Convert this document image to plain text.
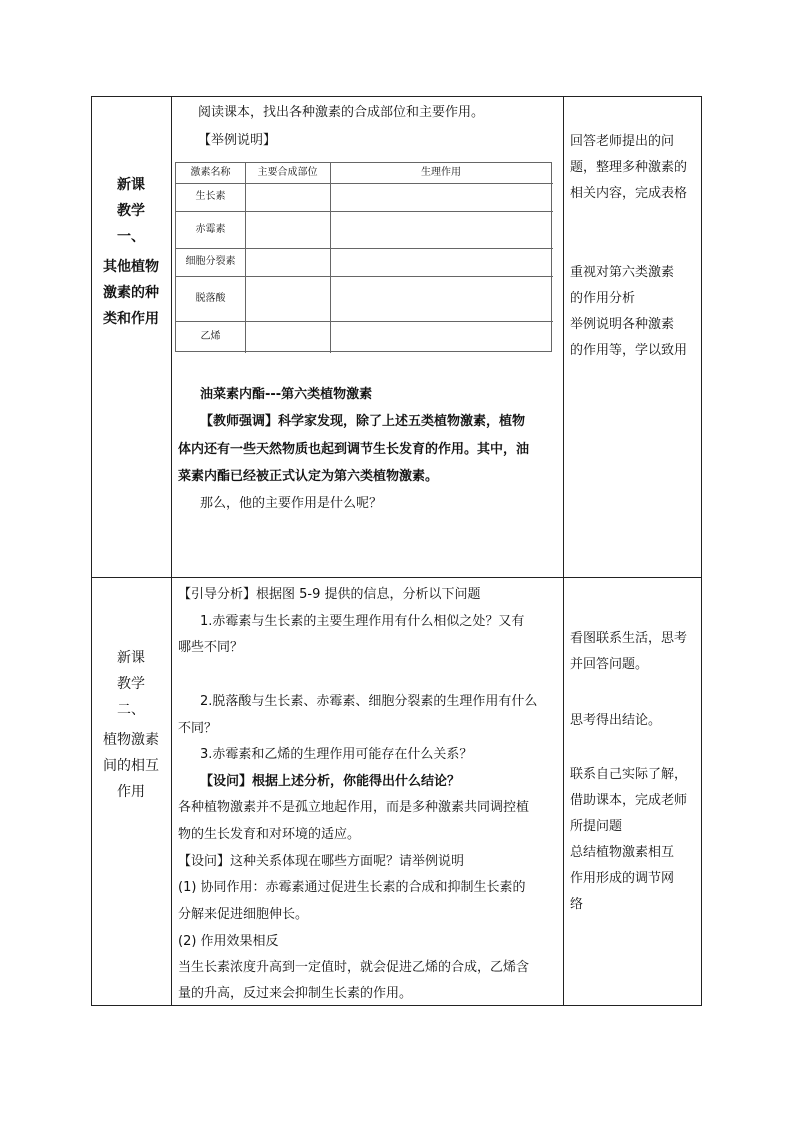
新课
教学
一、
其他植物
激素的种
类和作用
阅读课本，找出各种激素的合成部位和主要作用。
【举例说明】
激素名称	主要合成部位	生理作用
生长素
赤霉素
细胞分裂素
脱落酸
乙烯
油菜素内酯---第六类植物激素
【教师强调】科学家发现，除了上述五类植物激素，植物
体内还有一些天然物质也起到调节生长发育的作用。其中，油
菜素内酯已经被正式认定为第六类植物激素。
那么，他的主要作用是什么呢？
回答老师提出的问
题，整理多种激素的
相关内容，完成表格
重视对第六类激素
的作用分析
举例说明各种激素
的作用等，学以致用
新课
教学
二、
植物激素
间的相互
作用
【引导分析】根据图 5-9 提供的信息，分析以下问题
1.赤霉素与生长素的主要生理作用有什么相似之处？又有
哪些不同？
2.脱落酸与生长素、赤霉素、细胞分裂素的生理作用有什么
不同？
3.赤霉素和乙烯的生理作用可能存在什么关系？
【设问】根据上述分析，你能得出什么结论？
各种植物激素并不是孤立地起作用，而是多种激素共同调控植
物的生长发育和对环境的适应。
【设问】这种关系体现在哪些方面呢？请举例说明
(1) 协同作用：赤霉素通过促进生长素的合成和抑制生长素的
分解来促进细胞伸长。
(2) 作用效果相反
当生长素浓度升高到一定值时，就会促进乙烯的合成，乙烯含
量的升高，反过来会抑制生长素的作用。
看图联系生活，思考
并回答问题。
思考得出结论。
联系自己实际了解，
借助课本，完成老师
所提问题
总结植物激素相互
作用形成的调节网
络
